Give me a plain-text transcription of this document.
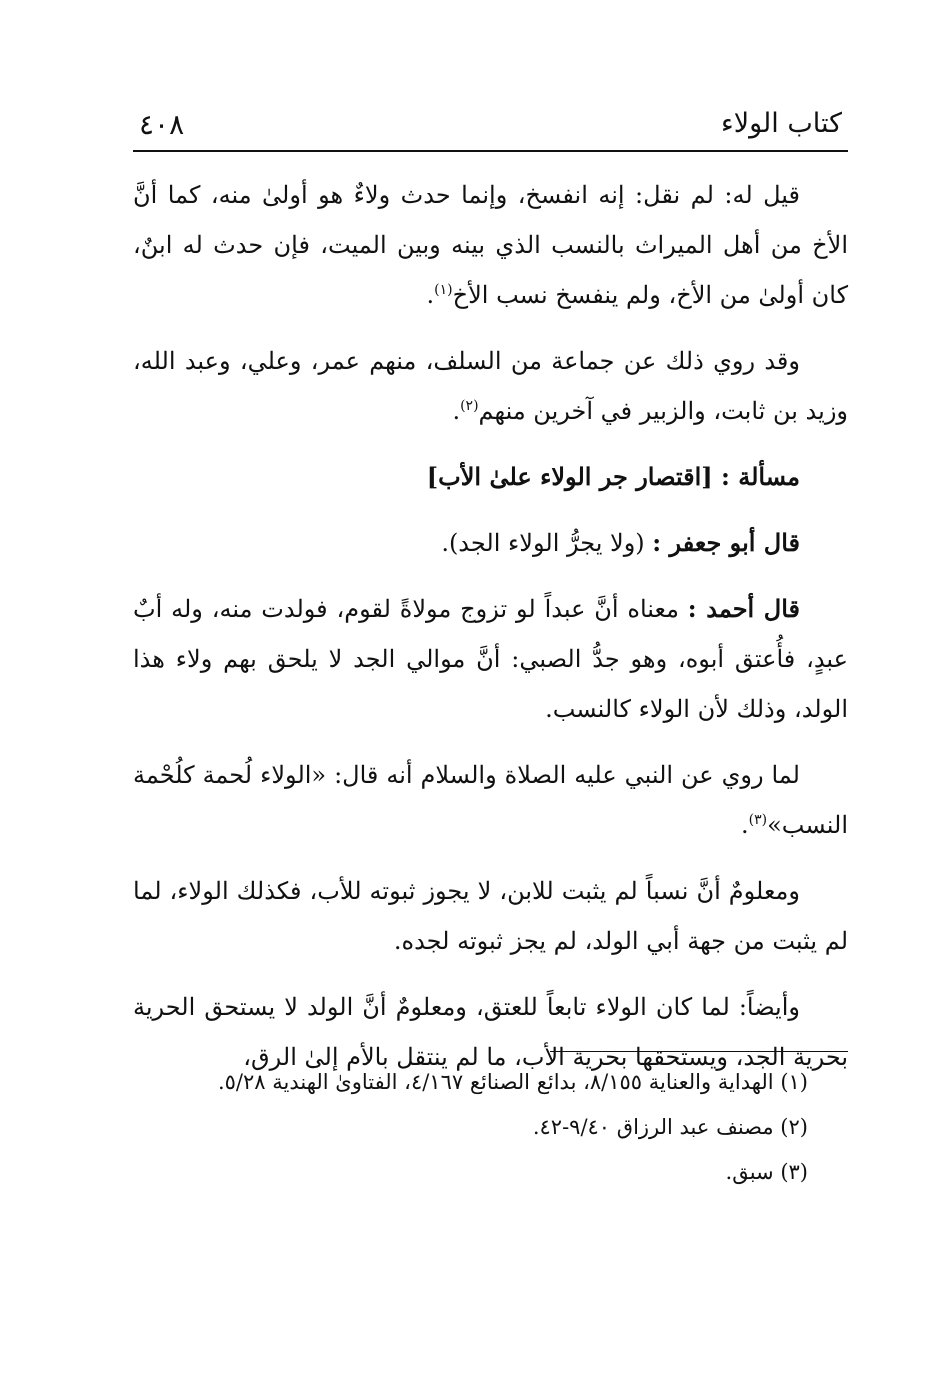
كتاب الولاء
٤٠٨

قيل له: لم نقل: إنه انفسخ، وإنما حدث ولاءٌ هو أولىٰ منه، كما أنَّ الأخ من أهل الميراث بالنسب الذي بينه وبين الميت، فإن حدث له ابنٌ، كان أولىٰ من الأخ، ولم ينفسخ نسب الأخ$^{(١)}$.

وقد روي ذلك عن جماعة من السلف، منهم عمر، وعلي، وعبد الله، وزيد بن ثابت، والزبير في آخرين منهم$^{(٢)}$.

مسألة : [اقتصار جر الولاء علىٰ الأب]

قال أبو جعفر : (ولا يجرُّ الولاء الجد).

قال أحمد : معناه أنَّ عبداً لو تزوج مولاةً لقوم، فولدت منه، وله أبٌ عبدٍ، فأُعتق أبوه، وهو جدُّ الصبي: أنَّ موالي الجد لا يلحق بهم ولاء هذا الولد، وذلك لأن الولاء كالنسب.

لما روي عن النبي عليه الصلاة والسلام أنه قال: «الولاء لُحمة كلُحْمة النسب»$^{(٣)}$.

ومعلومٌ أنَّ نسباً لم يثبت للابن، لا يجوز ثبوته للأب، فكذلك الولاء، لما لم يثبت من جهة أبي الولد، لم يجز ثبوته لجده.

وأيضاً: لما كان الولاء تابعاً للعتق، ومعلومٌ أنَّ الولد لا يستحق الحرية بحرية الجد، ويستحقها بحرية الأب، ما لم ينتقل بالأم إلىٰ الرق،

(١) الهداية والعناية ٨/١٥٥، بدائع الصنائع ٤/١٦٧، الفتاوىٰ الهندية ٥/٢٨.

(٢) مصنف عبد الرزاق ٩/٤٠-٤٢.

(٣) سبق.
